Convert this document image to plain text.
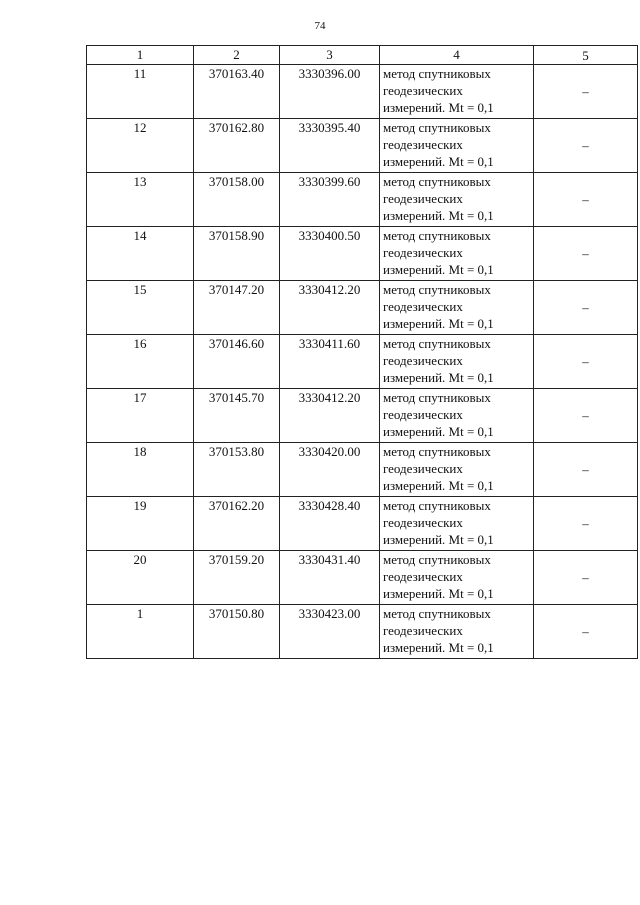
74
1	2	3	4	5
11	370163.40	3330396.00	метод спутниковых
геодезических
измерений. Mt = 0,1	–
12	370162.80	3330395.40	метод спутниковых
геодезических
измерений. Mt = 0,1	–
13	370158.00	3330399.60	метод спутниковых
геодезических
измерений. Mt = 0,1	–
14	370158.90	3330400.50	метод спутниковых
геодезических
измерений. Mt = 0,1	–
15	370147.20	3330412.20	метод спутниковых
геодезических
измерений. Mt = 0,1	–
16	370146.60	3330411.60	метод спутниковых
геодезических
измерений. Mt = 0,1	–
17	370145.70	3330412.20	метод спутниковых
геодезических
измерений. Mt = 0,1	–
18	370153.80	3330420.00	метод спутниковых
геодезических
измерений. Mt = 0,1	–
19	370162.20	3330428.40	метод спутниковых
геодезических
измерений. Mt = 0,1	–
20	370159.20	3330431.40	метод спутниковых
геодезических
измерений. Mt = 0,1	–
1	370150.80	3330423.00	метод спутниковых
геодезических
измерений. Mt = 0,1	–
